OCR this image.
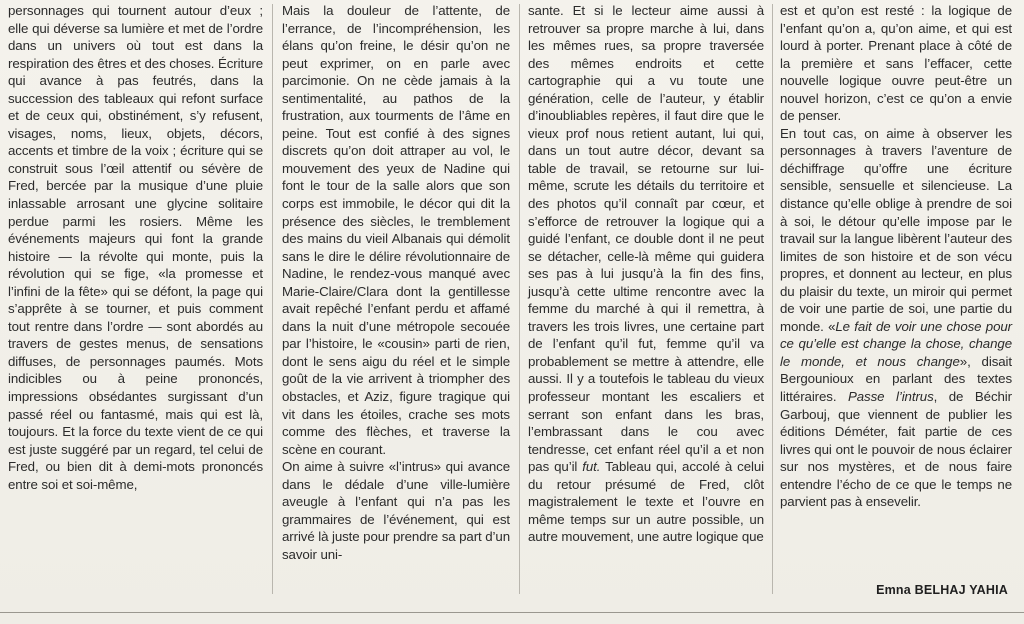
personnages qui tournent autour d’eux ; elle qui déverse sa lumière et met de l’ordre dans un univers où tout est dans la respiration des êtres et des choses. Écriture qui avance à pas feutrés, dans la succession des tableaux qui refont surface et de ceux qui, obstinément, s’y refusent, visages, noms, lieux, objets, décors, accents et timbre de la voix ; écriture qui se construit sous l’œil attentif ou sévère de Fred, bercée par la musique d’une pluie inlassable arrosant une glycine solitaire perdue parmi les rosiers. Même les événements majeurs qui font la grande histoire — la révolte qui monte, puis la révolution qui se fige, «la promesse et l’infini de la fête» qui se défont, la page qui s’apprête à se tourner, et puis comment tout rentre dans l’ordre — sont abordés au travers de gestes menus, de sensations diffuses, de personnages paumés. Mots indicibles ou à peine prononcés, impressions obsédantes surgissant d’un passé réel ou fantasmé, mais qui est là, toujours. Et la force du texte vient de ce qui est juste suggéré par un regard, tel celui de Fred, ou bien dit à demi-mots prononcés entre soi et soi-même,

Mais la douleur de l’attente, de l’errance, de l’incompréhension, les élans qu’on freine, le désir qu’on ne peut exprimer, on en parle avec parcimonie. On ne cède jamais à la sentimentalité, au pathos de la frustration, aux tourments de l’âme en peine. Tout est confié à des signes discrets qu’on doit attraper au vol, le mouvement des yeux de Nadine qui font le tour de la salle alors que son corps est immobile, le décor qui dit la présence des siècles, le tremblement des mains du vieil Albanais qui démolit sans le dire le délire révolutionnaire de Nadine, le rendez-vous manqué avec Marie-Claire/Clara dont la gentillesse avait repêché l’enfant perdu et affamé dans la nuit d’une métropole secouée par l’histoire, le «cousin» parti de rien, dont le sens aigu du réel et le simple goût de la vie arrivent à triompher des obstacles, et Aziz, figure tragique qui vit dans les étoiles, crache ses mots comme des flèches, et traverse la scène en courant.

On aime à suivre «l’intrus» qui avance dans le dédale d’une ville-lumière aveugle à l’enfant qui n’a pas les grammaires de l’événement, qui est arrivé là juste pour prendre sa part d’un savoir uni-

sante. Et si le lecteur aime aussi à retrouver sa propre marche à lui, dans les mêmes rues, sa propre traversée des mêmes endroits et cette cartographie qui a vu toute une génération, celle de l’auteur, y établir d’inoubliables repères, il faut dire que le vieux prof nous retient autant, lui qui, dans un tout autre décor, devant sa table de travail, se retourne sur lui-même, scrute les détails du territoire et des photos qu’il connaît par cœur, et s’efforce de retrouver la logique qui a guidé l’enfant, ce double dont il ne peut se détacher, celle-là même qui guidera ses pas à lui jusqu’à la fin des fins, jusqu’à cette ultime rencontre avec la femme du marché à qui il remettra, à travers les trois livres, une certaine part de l’enfant qu’il fut, femme qu’il va probablement se mettre à attendre, elle aussi. Il y a toutefois le tableau du vieux professeur montant les escaliers et serrant son enfant dans les bras, l’embrassant dans le cou avec tendresse, cet enfant réel qu’il a et non pas qu’il fut. Tableau qui, accolé à celui du retour présumé de Fred, clôt magistralement le texte et l’ouvre en même temps sur un autre possible, un autre mouvement, une autre logique que

est et qu’on est resté : la logique de l’enfant qu’on a, qu’on aime, et qui est lourd à porter. Prenant place à côté de la première et sans l’effacer, cette nouvelle logique ouvre peut-être un nouvel horizon, c’est ce qu’on a envie de penser.

En tout cas, on aime à observer les personnages à travers l’aventure de déchiffrage qu’offre une écriture sensible, sensuelle et silencieuse. La distance qu’elle oblige à prendre de soi à soi, le détour qu’elle impose par le travail sur la langue libèrent l’auteur des limites de son histoire et de son vécu propres, et donnent au lecteur, en plus du plaisir du texte, un miroir qui permet de voir une partie de soi, une partie du monde. «Le fait de voir une chose pour ce qu’elle est change la chose, change le monde, et nous change», disait Bergounioux en parlant des textes littéraires. Passe l’intrus, de Béchir Garbouj, que viennent de publier les éditions Déméter, fait partie de ces livres qui ont le pouvoir de nous éclairer sur nos mystères, et de nous faire entendre l’écho de ce que le temps ne parvient pas à ensevelir.

Emna BELHAJ YAHIA
